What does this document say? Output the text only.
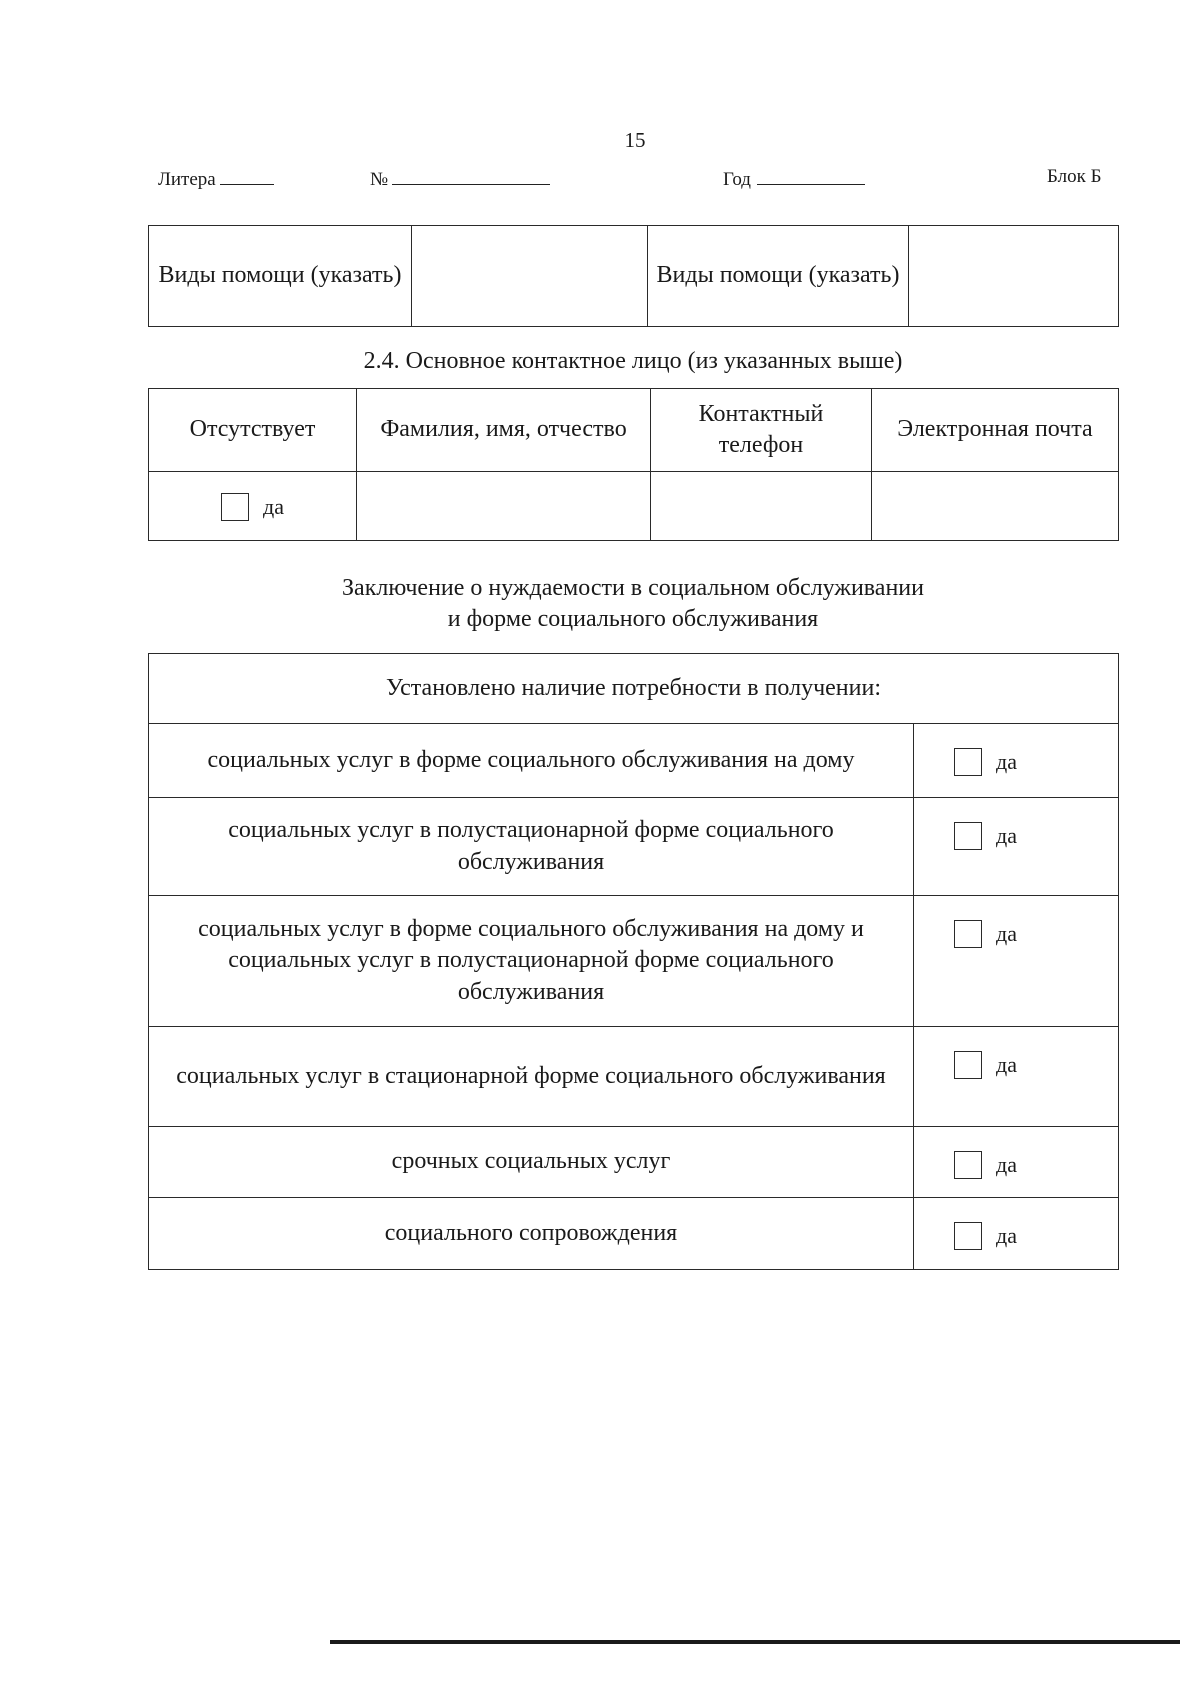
15
Литера	№	Год	Блок Б
Виды помощи (указать)		Виды помощи (указать)	
2.4. Основное контактное лицо (из указанных выше)
Отсутствует	Фамилия, имя, отчество	Контактный телефон	Электронная почта
да			
Заключение о нуждаемости в социальном обслуживании
и форме социального обслуживания
Установлено наличие потребности в получении:	
социальных услуг в форме социального обслуживания на дому	да
социальных услуг в полустационарной форме социального обслуживания	да
социальных услуг в форме социального обслуживания на дому и социальных услуг в полустационарной форме социального обслуживания	да
социальных услуг в стационарной форме социального обслуживания	да
срочных социальных услуг	да
социального сопровождения	да
